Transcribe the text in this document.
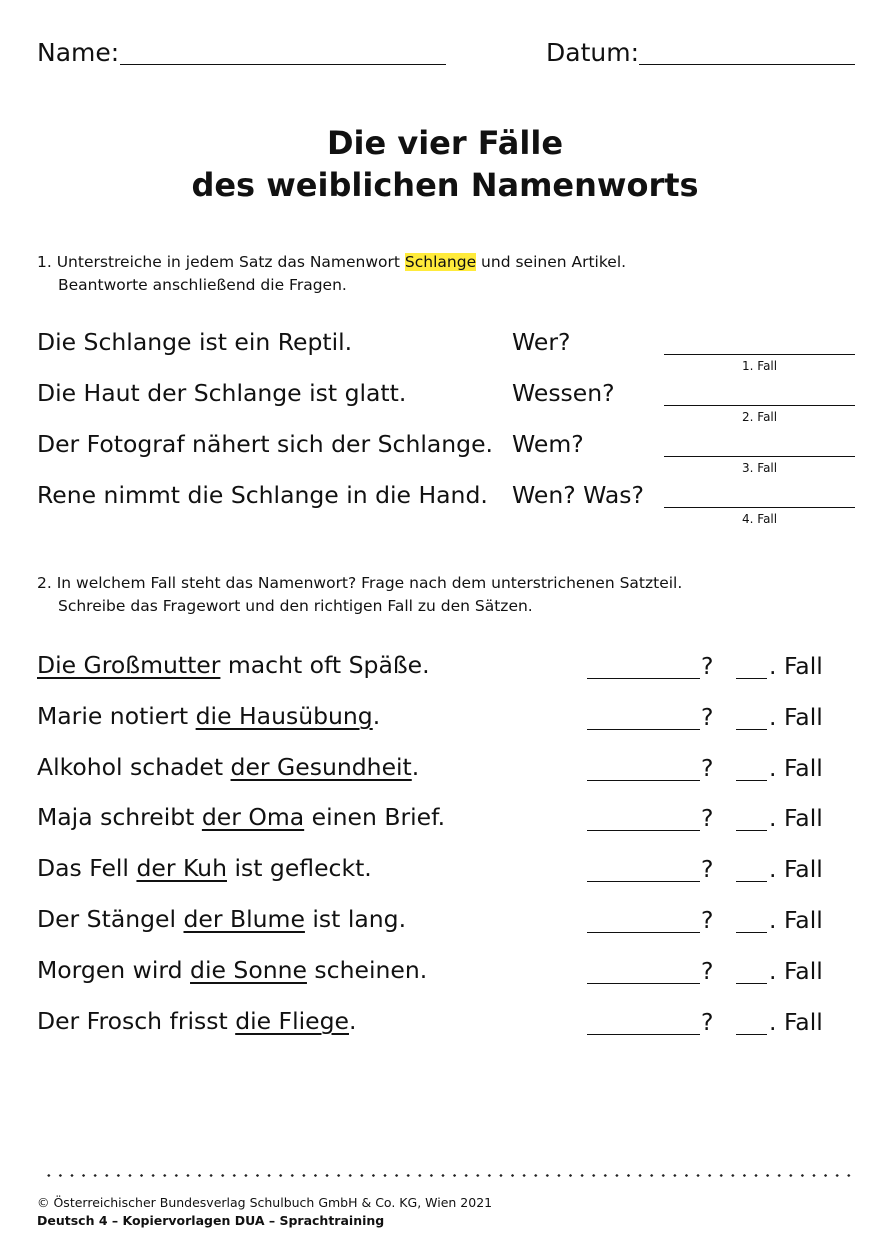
Name:	Datum:
Die vier Fälle
des weiblichen Namenworts
1. Unterstreiche in jedem Satz das Namenwort Schlange und seinen Artikel.
Beantworte anschließend die Fragen.
Die Schlange ist ein Reptil.	Wer?
1. Fall
Die Haut der Schlange ist glatt.	Wessen?
2. Fall
Der Fotograf nähert sich der Schlange. Wem?
3. Fall
Rene nimmt die Schlange in die Hand. Wen? Was?
4. Fall
2. In welchem Fall steht das Namenwort? Frage nach dem unterstrichenen Satzteil.
Schreibe das Fragewort und den richtigen Fall zu den Sätzen.
Die Großmutter macht oft Späße.	? . Fall
Marie notiert die Hausübung.	? . Fall
Alkohol schadet der Gesundheit.	? . Fall
Maja schreibt der Oma einen Brief.	? . Fall
Das Fell der Kuh ist gefleckt.	? . Fall
Der Stängel der Blume ist lang.	? . Fall
Morgen wird die Sonne scheinen.	? . Fall
Der Frosch frisst die Fliege.	? . Fall
© Österreichischer Bundesverlag Schulbuch GmbH & Co. KG, Wien 2021
Deutsch 4 – Kopiervorlagen DUA – Sprachtraining
